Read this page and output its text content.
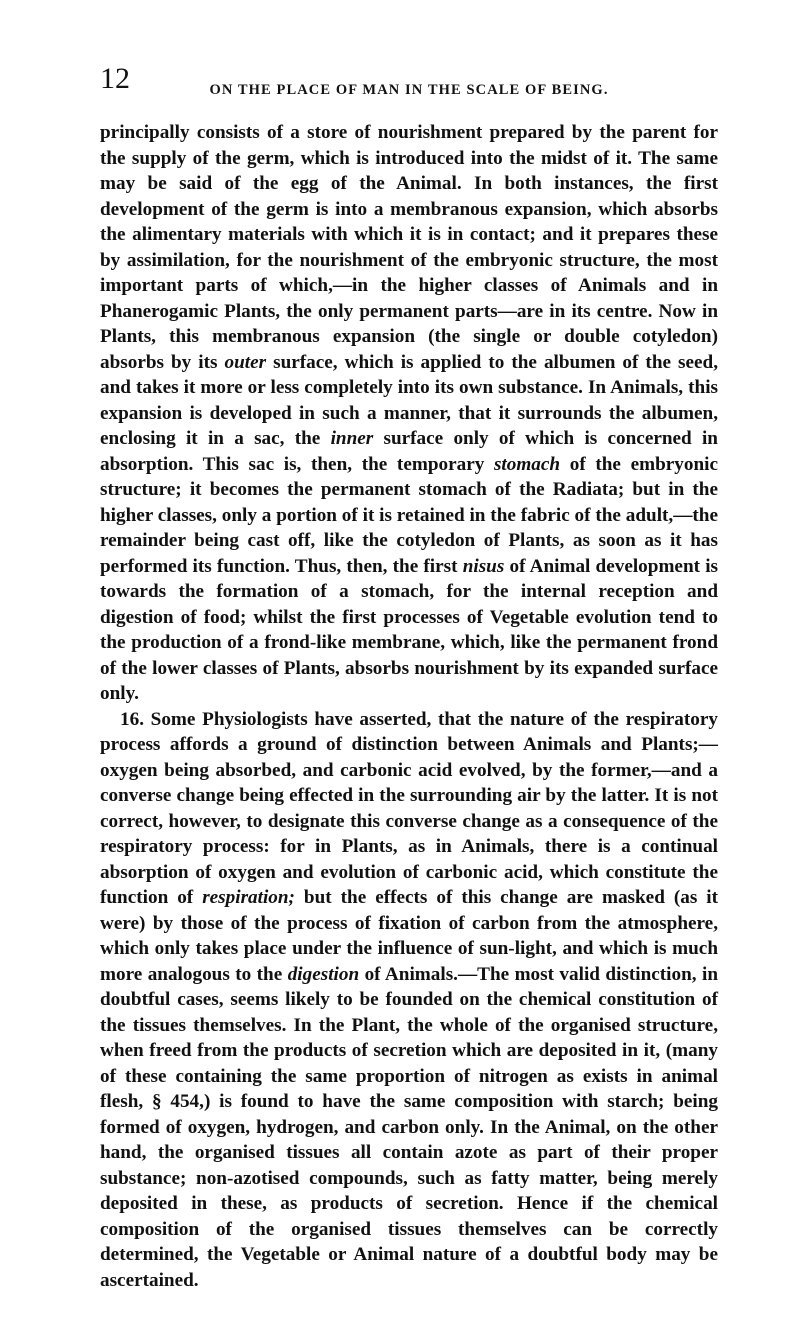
12	ON THE PLACE OF MAN IN THE SCALE OF BEING.

principally consists of a store of nourishment prepared by the parent for the supply of the germ, which is introduced into the midst of it. The same may be said of the egg of the Animal. In both instances, the first development of the germ is into a membranous expansion, which absorbs the alimentary materials with which it is in contact; and it prepares these by assimilation, for the nourishment of the embryonic structure, the most important parts of which,—in the higher classes of Animals and in Phanerogamic Plants, the only permanent parts—are in its centre. Now in Plants, this membranous expansion (the single or double cotyledon) absorbs by its outer surface, which is applied to the albumen of the seed, and takes it more or less completely into its own substance. In Animals, this expansion is developed in such a manner, that it surrounds the albumen, enclosing it in a sac, the inner surface only of which is concerned in absorption. This sac is, then, the temporary stomach of the embryonic structure; it becomes the permanent stomach of the Radiata; but in the higher classes, only a portion of it is retained in the fabric of the adult,—the remainder being cast off, like the cotyledon of Plants, as soon as it has performed its function. Thus, then, the first nisus of Animal development is towards the formation of a stomach, for the internal reception and digestion of food; whilst the first processes of Vegetable evolution tend to the production of a frond-like membrane, which, like the permanent frond of the lower classes of Plants, absorbs nourishment by its expanded surface only.

16. Some Physiologists have asserted, that the nature of the respiratory process affords a ground of distinction between Animals and Plants;—oxygen being absorbed, and carbonic acid evolved, by the former,—and a converse change being effected in the surrounding air by the latter. It is not correct, however, to designate this converse change as a consequence of the respiratory process: for in Plants, as in Animals, there is a continual absorption of oxygen and evolution of carbonic acid, which constitute the function of respiration; but the effects of this change are masked (as it were) by those of the process of fixation of carbon from the atmosphere, which only takes place under the influence of sun-light, and which is much more analogous to the digestion of Animals.—The most valid distinction, in doubtful cases, seems likely to be founded on the chemical constitution of the tissues themselves. In the Plant, the whole of the organised structure, when freed from the products of secretion which are deposited in it, (many of these containing the same proportion of nitrogen as exists in animal flesh, § 454,) is found to have the same composition with starch; being formed of oxygen, hydrogen, and carbon only. In the Animal, on the other hand, the organised tissues all contain azote as part of their proper substance; non-azotised compounds, such as fatty matter, being merely deposited in these, as products of secretion. Hence if the chemical composition of the organised tissues themselves can be correctly determined, the Vegetable or Animal nature of a doubtful body may be ascertained.
